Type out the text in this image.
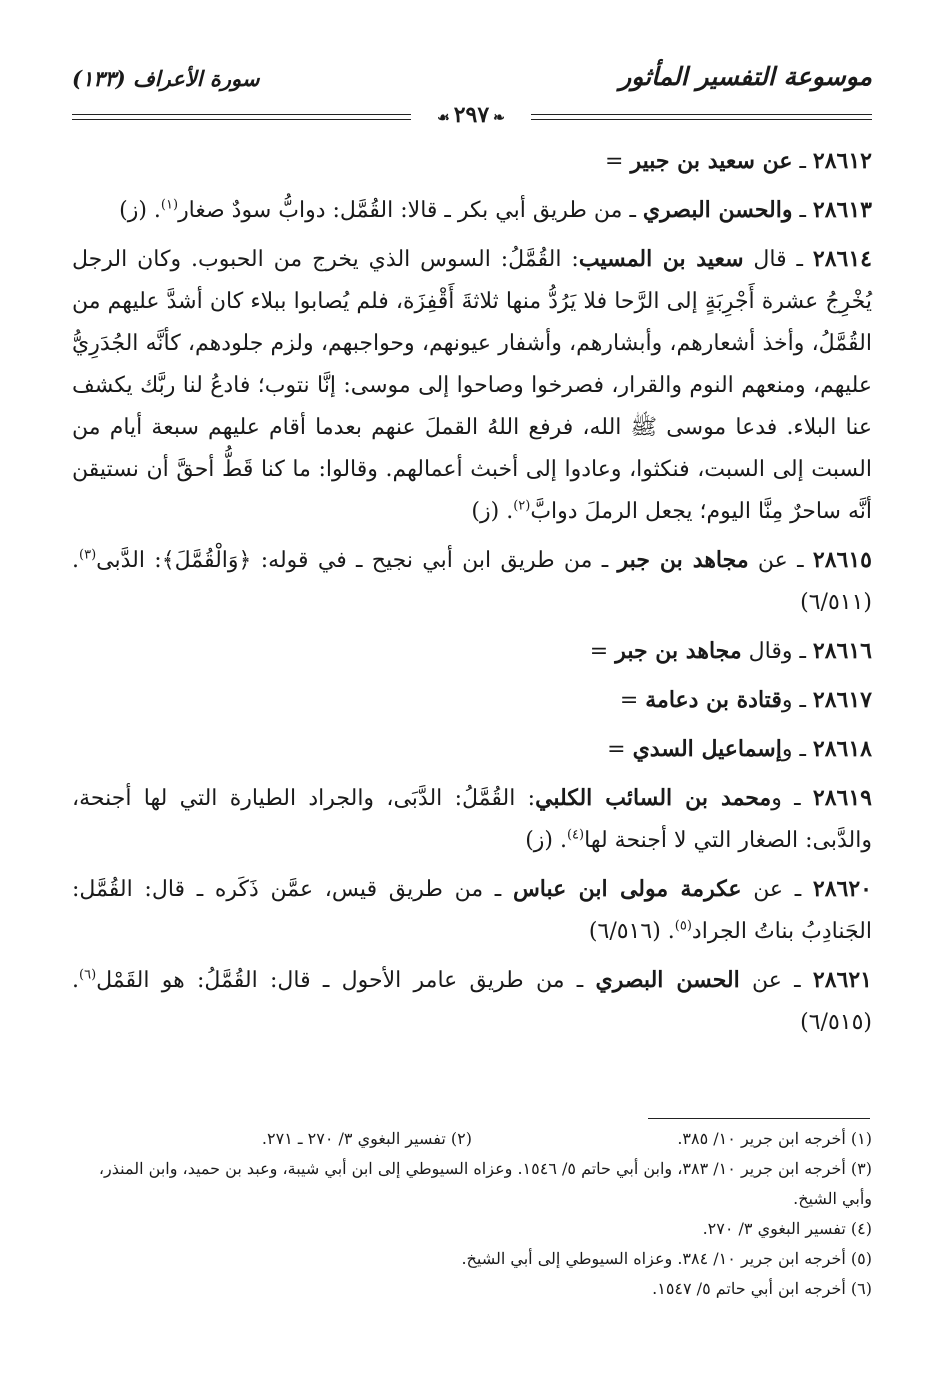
موسوعة التفسير المأثور
سورة الأعراف (١٣٣)
❧٢٩٧☙

٢٨٦١٢ ـ عن سعيد بن جبير =

٢٨٦١٣ ـ والحسن البصري ـ من طريق أبي بكر ـ قالا: القُمَّل: دوابُّ سودٌ صغار$^{(١)}$. (ز)

٢٨٦١٤ ـ قال سعيد بن المسيب: القُمَّلُ: السوس الذي يخرج من الحبوب. وكان الرجل يُخْرِجُ عشرة أَجْرِبَةٍ إلى الرَّحا فلا يَرُدُّ منها ثلاثةَ أَقْفِزَة، فلم يُصابوا ببلاء كان أشدَّ عليهم من القُمَّلُ، وأخذ أشعارهم، وأبشارهم، وأشفار عيونهم، وحواجبهم، ولزم جلودهم، كأنَّه الجُدَرِيُّ عليهم، ومنعهم النوم والقرار، فصرخوا وصاحوا إلى موسى: إنَّا نتوب؛ فادعُ لنا ربَّك يكشف عنا البلاء. فدعا موسى ﷺ الله، فرفع اللهُ القملَ عنهم بعدما أقام عليهم سبعة أيام من السبت إلى السبت، فنكثوا، وعادوا إلى أخبث أعمالهم. وقالوا: ما كنا قَطُّ أحقَّ أن نستيقن أنَّه ساحرٌ مِنَّا اليوم؛ يجعل الرملَ دوابَّ$^{(٢)}$. (ز)

٢٨٦١٥ ـ عن مجاهد بن جبر ـ من طريق ابن أبي نجيح ـ في قوله: ﴿وَالْقُمَّلَ﴾: الدَّبى$^{(٣)}$. (٦/٥١١)

٢٨٦١٦ ـ وقال مجاهد بن جبر =

٢٨٦١٧ ـ وقتادة بن دعامة =

٢٨٦١٨ ـ وإسماعيل السدي =

٢٨٦١٩ ـ ومحمد بن السائب الكلبي: القُمَّلُ: الدَّبَى، والجراد الطيارة التي لها أجنحة، والدَّبى: الصغار التي لا أجنحة لها$^{(٤)}$. (ز)

٢٨٦٢٠ ـ عن عكرمة مولى ابن عباس ـ من طريق قيس، عمَّن ذَكَره ـ قال: القُمَّل: الجَنادِبُ بناتُ الجراد$^{(٥)}$. (٦/٥١٦)

٢٨٦٢١ ـ عن الحسن البصري ـ من طريق عامر الأحول ـ قال: القُمَّلُ: هو القَمْل$^{(٦)}$. (٦/٥١٥)

(١) أخرجه ابن جرير ١٠/ ٣٨٥.

(٢) تفسير البغوي ٣/ ٢٧٠ ـ ٢٧١.

(٣) أخرجه ابن جرير ١٠/ ٣٨٣، وابن أبي حاتم ٥/ ١٥٤٦. وعزاه السيوطي إلى ابن أبي شيبة، وعبد بن حميد، وابن المنذر، وأبي الشيخ.

(٤) تفسير البغوي ٣/ ٢٧٠.

(٥) أخرجه ابن جرير ١٠/ ٣٨٤. وعزاه السيوطي إلى أبي الشيخ.

(٦) أخرجه ابن أبي حاتم ٥/ ١٥٤٧.
